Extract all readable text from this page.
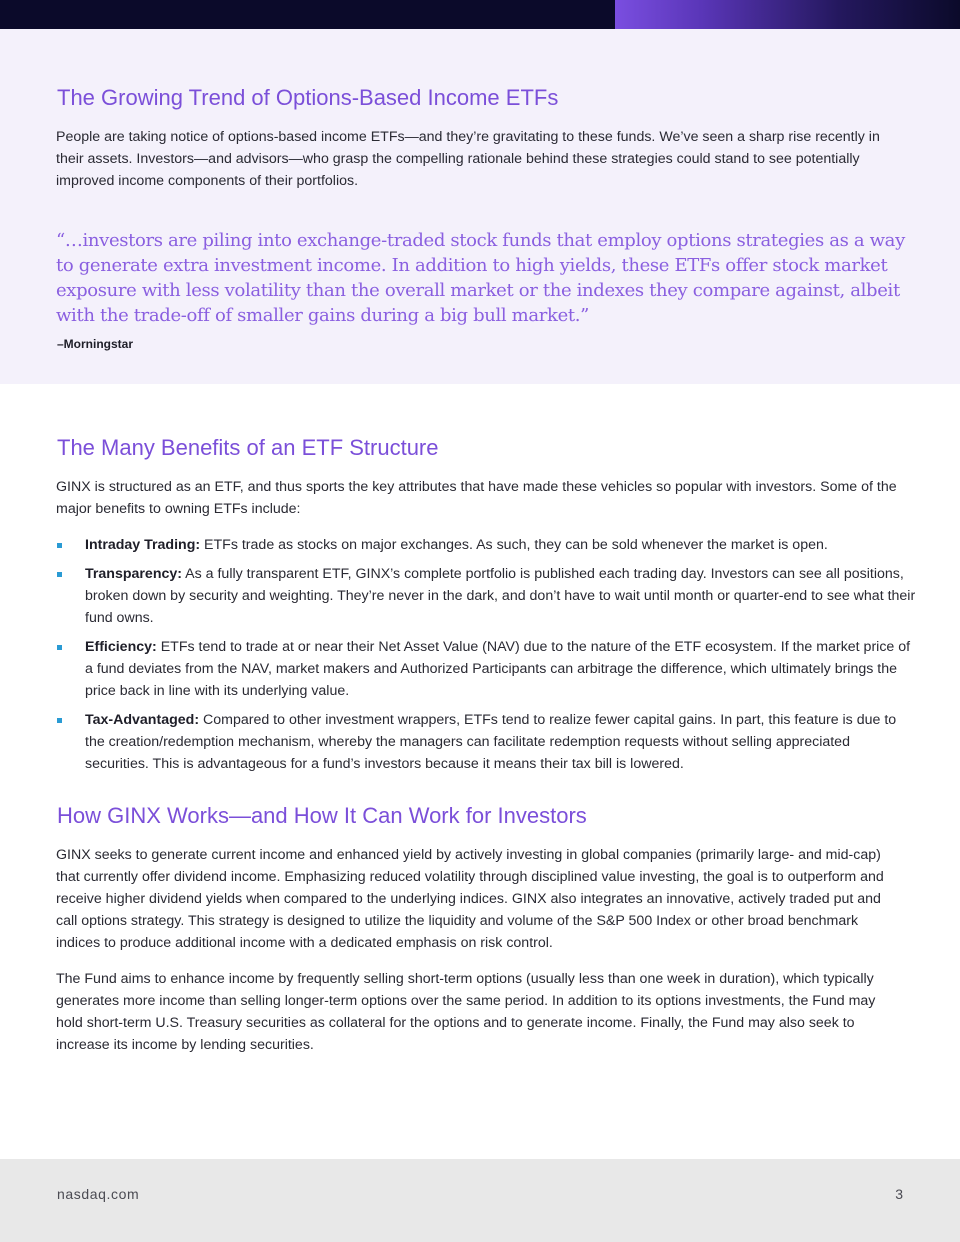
The Growing Trend of Options-Based Income ETFs

People are taking notice of options-based income ETFs—and they’re gravitating to these funds. We’ve seen a sharp rise recently in their assets. Investors—and advisors—who grasp the compelling rationale behind these strategies could stand to see potentially improved income components of their portfolios.

“…investors are piling into exchange-traded stock funds that employ options strategies as a way to generate extra investment income. In addition to high yields, these ETFs offer stock market exposure with less volatility than the overall market or the indexes they compare against, albeit with the trade-off of smaller gains during a big bull market.”

–Morningstar

The Many Benefits of an ETF Structure

GINX is structured as an ETF, and thus sports the key attributes that have made these vehicles so popular with investors. Some of the major benefits to owning ETFs include:

Intraday Trading: ETFs trade as stocks on major exchanges. As such, they can be sold whenever the market is open.
Transparency: As a fully transparent ETF, GINX’s complete portfolio is published each trading day. Investors can see all positions, broken down by security and weighting. They’re never in the dark, and don’t have to wait until month or quarter-end to see what their fund owns.
Efficiency: ETFs tend to trade at or near their Net Asset Value (NAV) due to the nature of the ETF ecosystem. If the market price of a fund deviates from the NAV, market makers and Authorized Participants can arbitrage the difference, which ultimately brings the price back in line with its underlying value.
Tax-Advantaged: Compared to other investment wrappers, ETFs tend to realize fewer capital gains. In part, this feature is due to the creation/redemption mechanism, whereby the managers can facilitate redemption requests without selling appreciated securities. This is advantageous for a fund’s investors because it means their tax bill is lowered.
How GINX Works—and How It Can Work for Investors

GINX seeks to generate current income and enhanced yield by actively investing in global companies (primarily large- and mid-cap) that currently offer dividend income. Emphasizing reduced volatility through disciplined value investing, the goal is to outperform and receive higher dividend yields when compared to the underlying indices. GINX also integrates an innovative, actively traded put and call options strategy. This strategy is designed to utilize the liquidity and volume of the S&P 500 Index or other broad benchmark indices to produce additional income with a dedicated emphasis on risk control.

The Fund aims to enhance income by frequently selling short-term options (usually less than one week in duration), which typically generates more income than selling longer-term options over the same period. In addition to its options investments, the Fund may hold short-term U.S. Treasury securities as collateral for the options and to generate income. Finally, the Fund may also seek to increase its income by lending securities.

nasdaq.com	3
